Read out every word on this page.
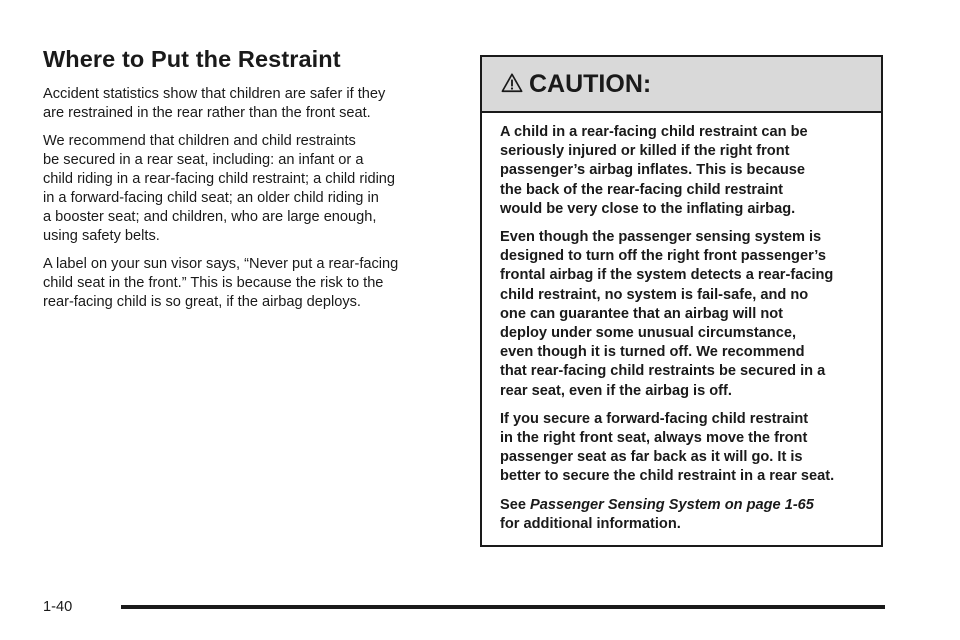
Where to Put the Restraint

Accident statistics show that children are safer if they
are restrained in the rear rather than the front seat.

We recommend that children and child restraints
be secured in a rear seat, including: an infant or a
child riding in a rear-facing child restraint; a child riding
in a forward-facing child seat; an older child riding in
a booster seat; and children, who are large enough,
using safety belts.

A label on your sun visor says, “Never put a rear-facing
child seat in the front.” This is because the risk to the
rear-facing child is so great, if the airbag deploys.

CAUTION:

A child in a rear-facing child restraint can be
seriously injured or killed if the right front
passenger’s airbag inflates. This is because
the back of the rear-facing child restraint
would be very close to the inflating airbag.

Even though the passenger sensing system is
designed to turn off the right front passenger’s
frontal airbag if the system detects a rear-facing
child restraint, no system is fail-safe, and no
one can guarantee that an airbag will not
deploy under some unusual circumstance,
even though it is turned off. We recommend
that rear-facing child restraints be secured in a
rear seat, even if the airbag is off.

If you secure a forward-facing child restraint
in the right front seat, always move the front
passenger seat as far back as it will go. It is
better to secure the child restraint in a rear seat.

See Passenger Sensing System on page 1-65
for additional information.

1-40
